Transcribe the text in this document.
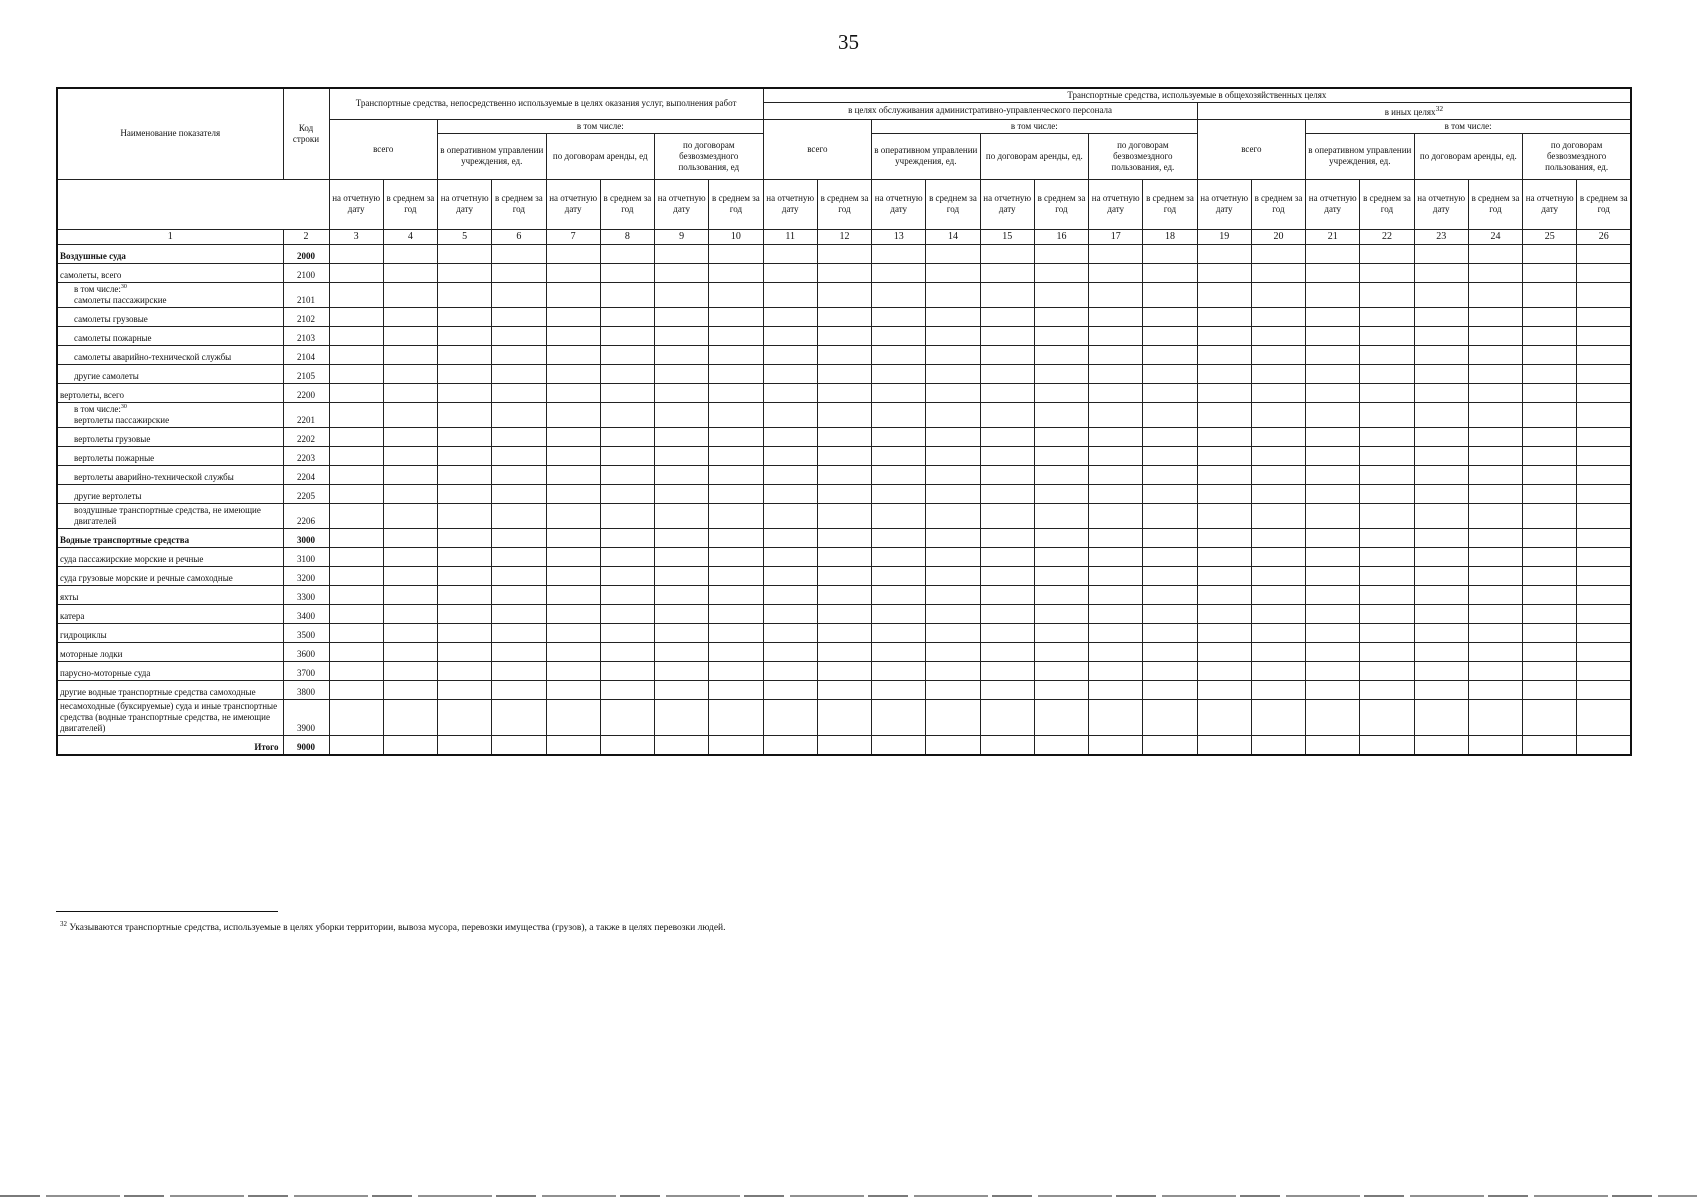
35
Наименование показателя	Код строки	Транспортные средства, непосредственно используемые в целях оказания услуг, выполнения работ								Транспортные средства, используемые в общехозяйственных целях															
										в целях обслуживания административно-управленческого персонала								в иных целях$^{32}$
		всего		в том числе:						всего		в том числе:						всего		в том числе:					
				в оперативном управлении учреждения, ед.		по договорам аренды, ед		по договорам безвозмездного пользования, ед				в оперативном управлении учреждения, ед.		по договорам аренды, ед.		по договорам безвозмездного пользования, ед.				в оперативном управлении учреждения, ед.		по договорам аренды, ед.		по договорам безвозмездного пользования, ед.	
		на отчетную дату	в среднем за год	на отчетную дату	в среднем за год	на отчетную дату	в среднем за год	на отчетную дату	в среднем за год	на отчетную дату	в среднем за год	на отчетную дату	в среднем за год	на отчетную дату	в среднем за год	на отчетную дату	в среднем за год	на отчетную дату	в среднем за год	на отчетную дату	в среднем за год	на отчетную дату	в среднем за год	на отчетную дату	в среднем за год
1	2	3	4	5	6	7	8	9	10	11	12	13	14	15	16	17	18	19	20	21	22	23	24	25	26
Воздушные суда	2000																								
самолеты, всего	2100																								
в том числе:$^{30}$
самолеты пассажирские	2101																								
самолеты грузовые	2102																								
самолеты пожарные	2103																								
самолеты аварийно-технической службы	2104																								
другие самолеты	2105																								
вертолеты, всего	2200																								
в том числе:$^{30}$
вертолеты пассажирские	2201																								
вертолеты грузовые	2202																								
вертолеты пожарные	2203																								
вертолеты аварийно-технической службы	2204																								
другие вертолеты	2205																								
воздушные транспортные средства, не имеющие двигателей	2206																								
Водные транспортные средства	3000																								
суда пассажирские морские и речные	3100																								
суда грузовые морские и речные самоходные	3200																								
яхты	3300																								
катера	3400																								
гидроциклы	3500																								
моторные лодки	3600																								
парусно-моторные суда	3700																								
другие водные транспортные средства самоходные	3800																								
несамоходные (буксируемые) суда и иные транспортные средства (водные транспортные средства, не имеющие двигателей)	3900																								
Итого	9000																								
$^{32}$ Указываются транспортные средства, используемые в целях уборки территории, вывоза мусора, перевозки имущества (грузов), а также в целях перевозки людей.
